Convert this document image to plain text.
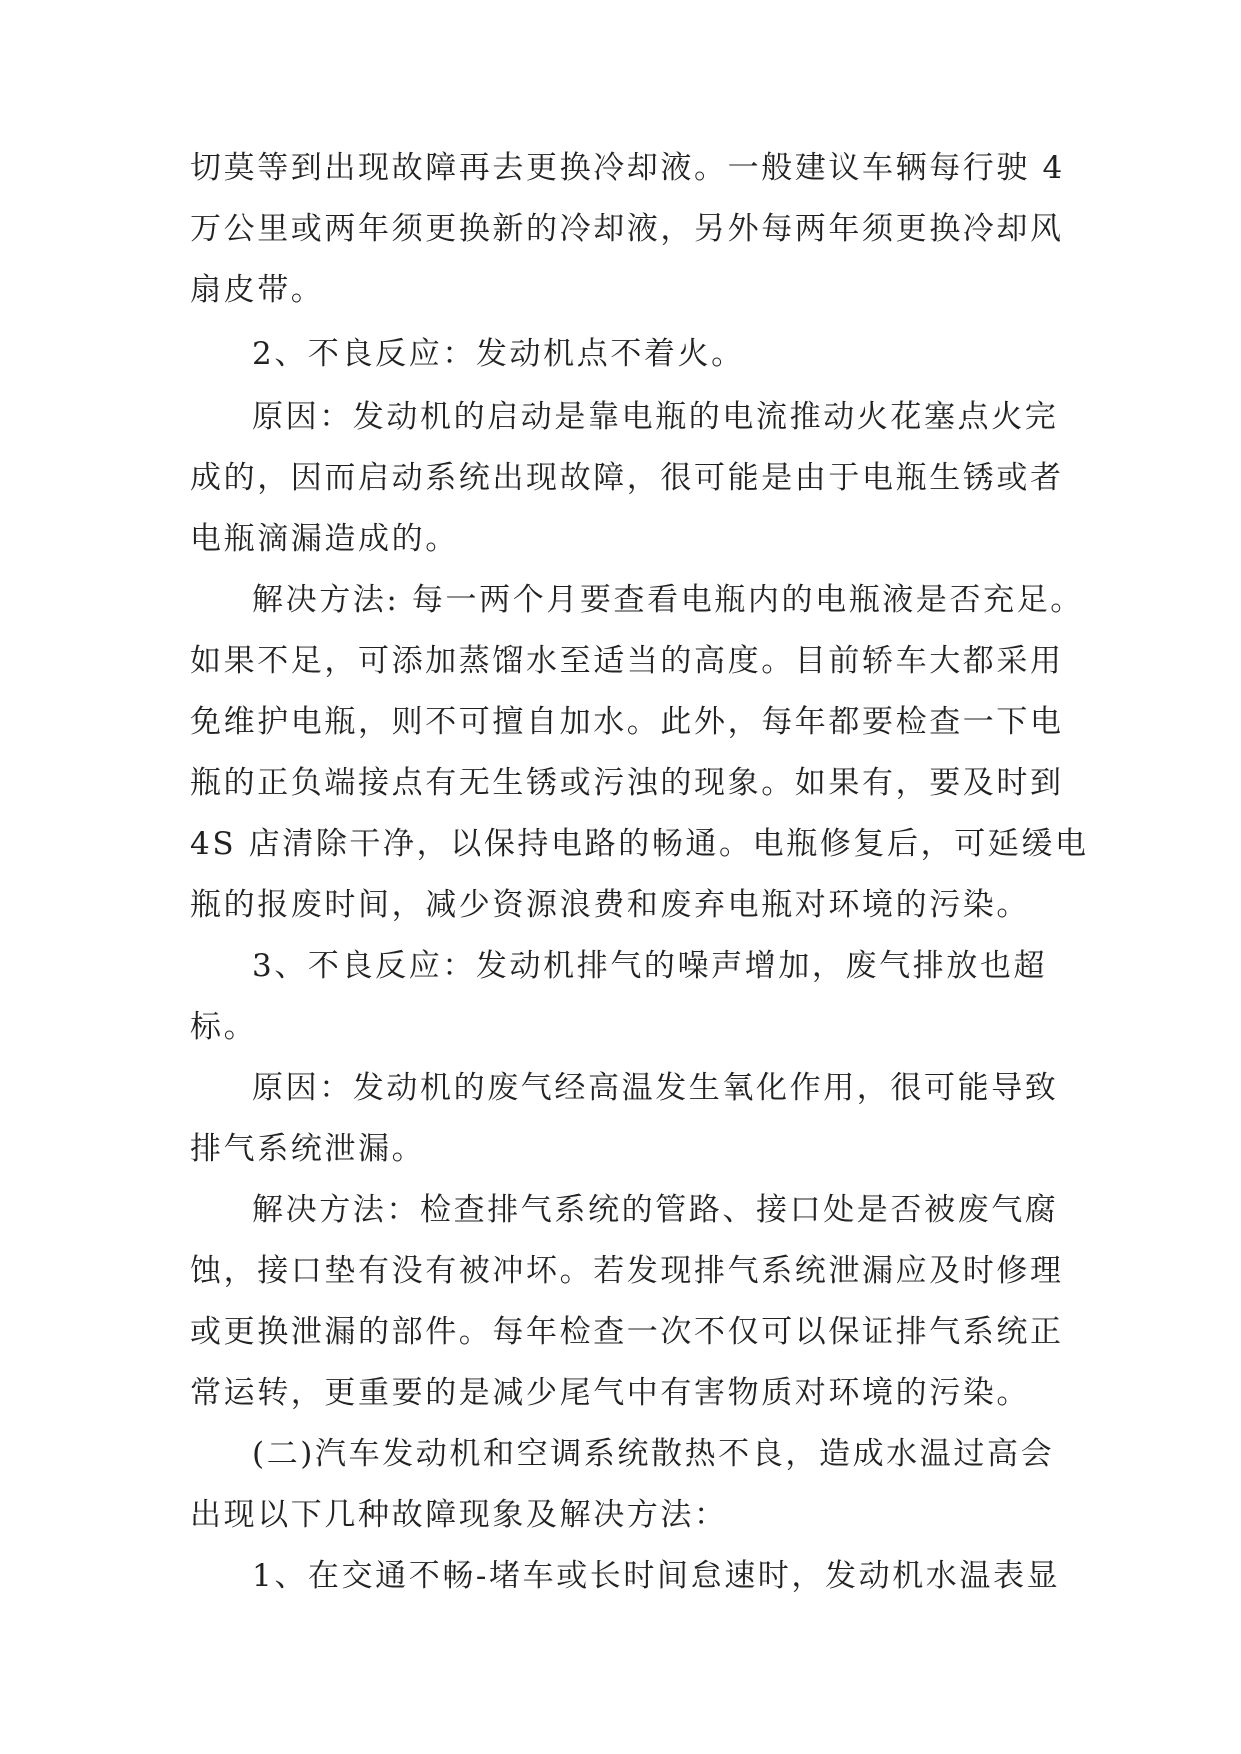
切莫等到出现故障再去更换冷却液。一般建议车辆每行驶 4
万公里或两年须更换新的冷却液，另外每两年须更换冷却风
扇皮带。
2、不良反应：发动机点不着火。
原因：发动机的启动是靠电瓶的电流推动火花塞点火完
成的，因而启动系统出现故障，很可能是由于电瓶生锈或者
电瓶滴漏造成的。
解决方法: 每一两个月要查看电瓶内的电瓶液是否充足。
如果不足，可添加蒸馏水至适当的高度。目前轿车大都采用
免维护电瓶，则不可擅自加水。此外，每年都要检查一下电
瓶的正负端接点有无生锈或污浊的现象。如果有，要及时到
4S 店清除干净，以保持电路的畅通。电瓶修复后，可延缓电
瓶的报废时间，减少资源浪费和废弃电瓶对环境的污染。
3、不良反应：发动机排气的噪声增加，废气排放也超
标。
原因：发动机的废气经高温发生氧化作用，很可能导致
排气系统泄漏。
解决方法：检查排气系统的管路、接口处是否被废气腐
蚀，接口垫有没有被冲坏。若发现排气系统泄漏应及时修理
或更换泄漏的部件。每年检查一次不仅可以保证排气系统正
常运转，更重要的是减少尾气中有害物质对环境的污染。
(二)汽车发动机和空调系统散热不良，造成水温过高会
出现以下几种故障现象及解决方法：
1、在交通不畅-堵车或长时间怠速时，发动机水温表显
